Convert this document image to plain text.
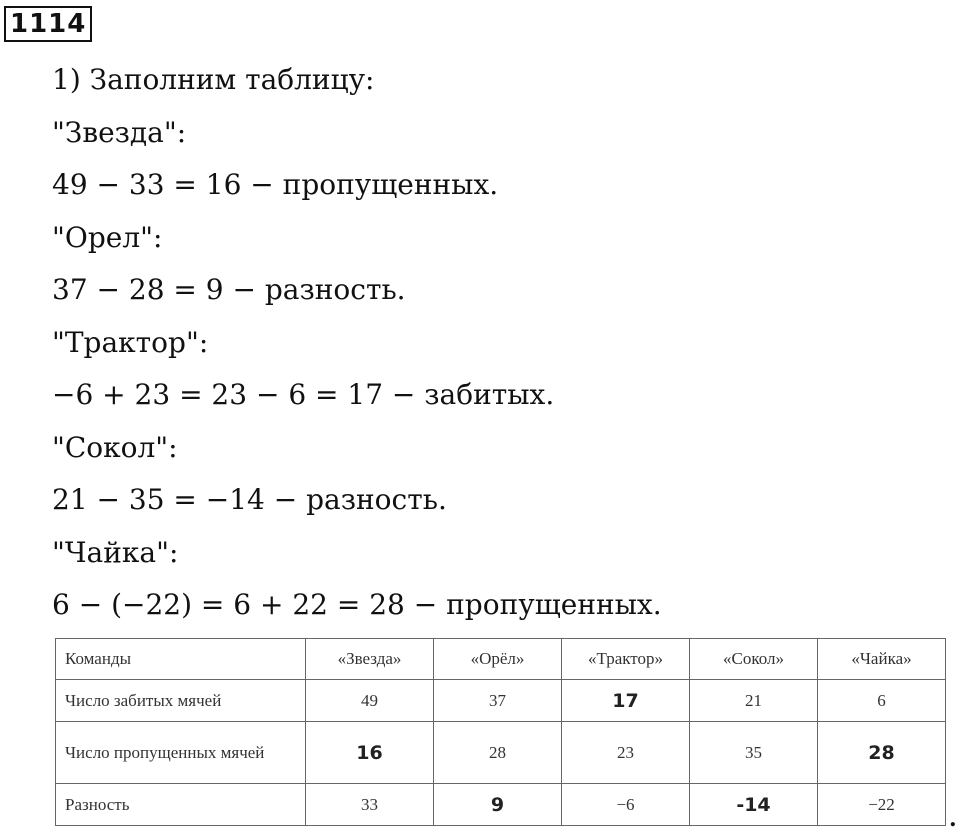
1114
1) Заполним таблицу:
"Звезда":
49 − 33 = 16 − пропущенных.
"Орел":
37 − 28 = 9 − разность.
"Трактор":
−6 + 23 = 23 − 6 = 17 − забитых.
"Сокол":
21 − 35 = −14 − разность.
"Чайка":
6 − (−22) = 6 + 22 = 28 − пропущенных.
Команды	«Звезда»	«Орёл»	«Трактор»	«Сокол»	«Чайка»
Число забитых мячей	49	37	17	21	6
Число пропущенных мячей	16	28	23	35	28
Разность	33	9	−6	-14	−22
.
